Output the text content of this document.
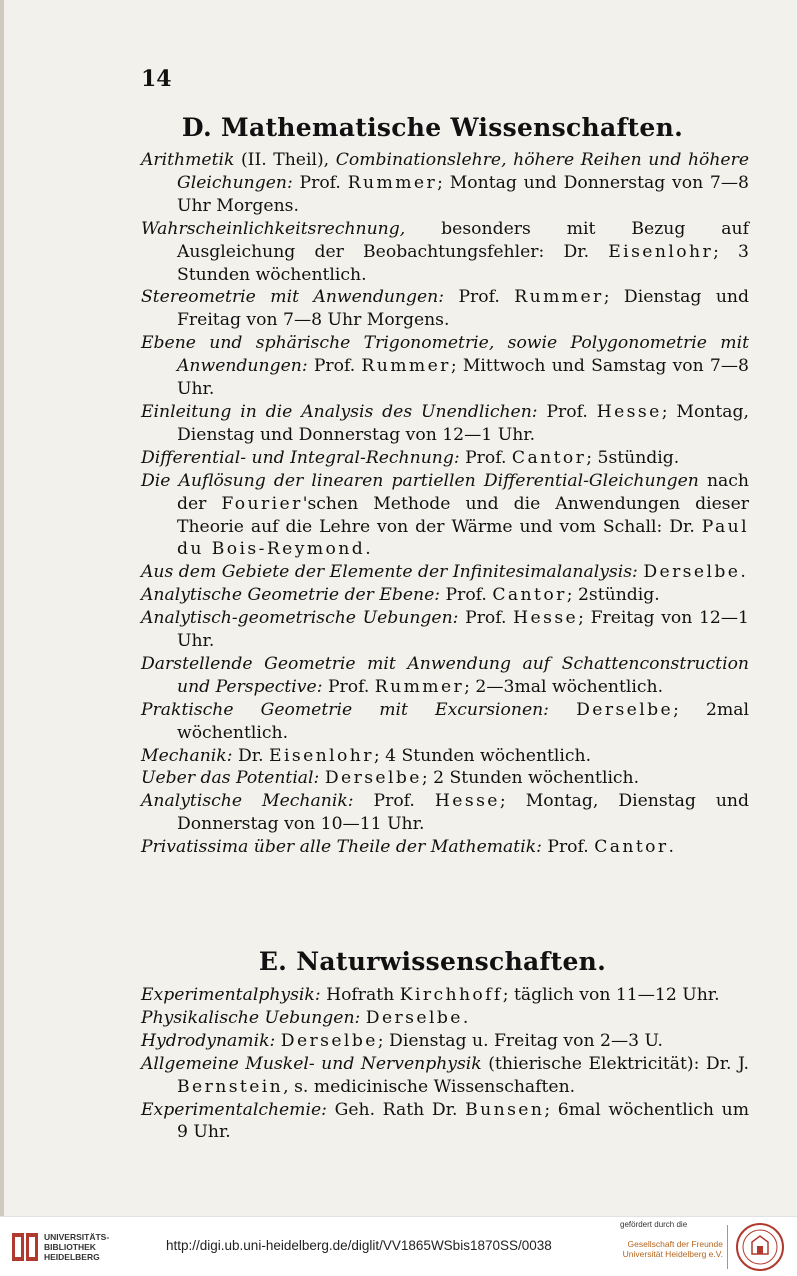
14
D. Mathematische Wissenschaften.
Arithmetik (II. Theil), Combinationslehre, höhere Reihen und höhere Gleichungen: Prof. Rummer; Montag und Donnerstag von 7—8 Uhr Morgens.
Wahrscheinlichkeitsrechnung, besonders mit Bezug auf Ausgleichung der Beobachtungsfehler: Dr. Eisenlohr; 3 Stunden wöchentlich.
Stereometrie mit Anwendungen: Prof. Rummer; Dienstag und Freitag von 7—8 Uhr Morgens.
Ebene und sphärische Trigonometrie, sowie Polygonometrie mit Anwendungen: Prof. Rummer; Mittwoch und Samstag von 7—8 Uhr.
Einleitung in die Analysis des Unendlichen: Prof. Hesse; Montag, Dienstag und Donnerstag von 12—1 Uhr.
Differential- und Integral-Rechnung: Prof. Cantor; 5stündig.
Die Auflösung der linearen partiellen Differential-Gleichungen nach der Fourier'schen Methode und die Anwendungen dieser Theorie auf die Lehre von der Wärme und vom Schall: Dr. Paul du Bois-Reymond.
Aus dem Gebiete der Elemente der Infinitesimalanalysis: Derselbe.
Analytische Geometrie der Ebene: Prof. Cantor; 2stündig.
Analytisch-geometrische Uebungen: Prof. Hesse; Freitag von 12—1 Uhr.
Darstellende Geometrie mit Anwendung auf Schattenconstruction und Perspective: Prof. Rummer; 2—3mal wöchentlich.
Praktische Geometrie mit Excursionen: Derselbe; 2mal wöchentlich.
Mechanik: Dr. Eisenlohr; 4 Stunden wöchentlich.
Ueber das Potential: Derselbe; 2 Stunden wöchentlich.
Analytische Mechanik: Prof. Hesse; Montag, Dienstag und Donnerstag von 10—11 Uhr.
Privatissima über alle Theile der Mathematik: Prof. Cantor.
E. Naturwissenschaften.
Experimentalphysik: Hofrath Kirchhoff; täglich von 11—12 Uhr.
Physikalische Uebungen: Derselbe.
Hydrodynamik: Derselbe; Dienstag u. Freitag von 2—3 U.
Allgemeine Muskel- und Nervenphysik (thierische Elektricität): Dr. J. Bernstein, s. medicinische Wissenschaften.
Experimentalchemie: Geh. Rath Dr. Bunsen; 6mal wöchentlich um 9 Uhr.
UNIVERSITÄTS-
BIBLIOTHEK
HEIDELBERG
http://digi.ub.uni-heidelberg.de/diglit/VV1865WSbis1870SS/0038
gefördert durch die
Gesellschaft der Freunde
Universität Heidelberg e.V.
